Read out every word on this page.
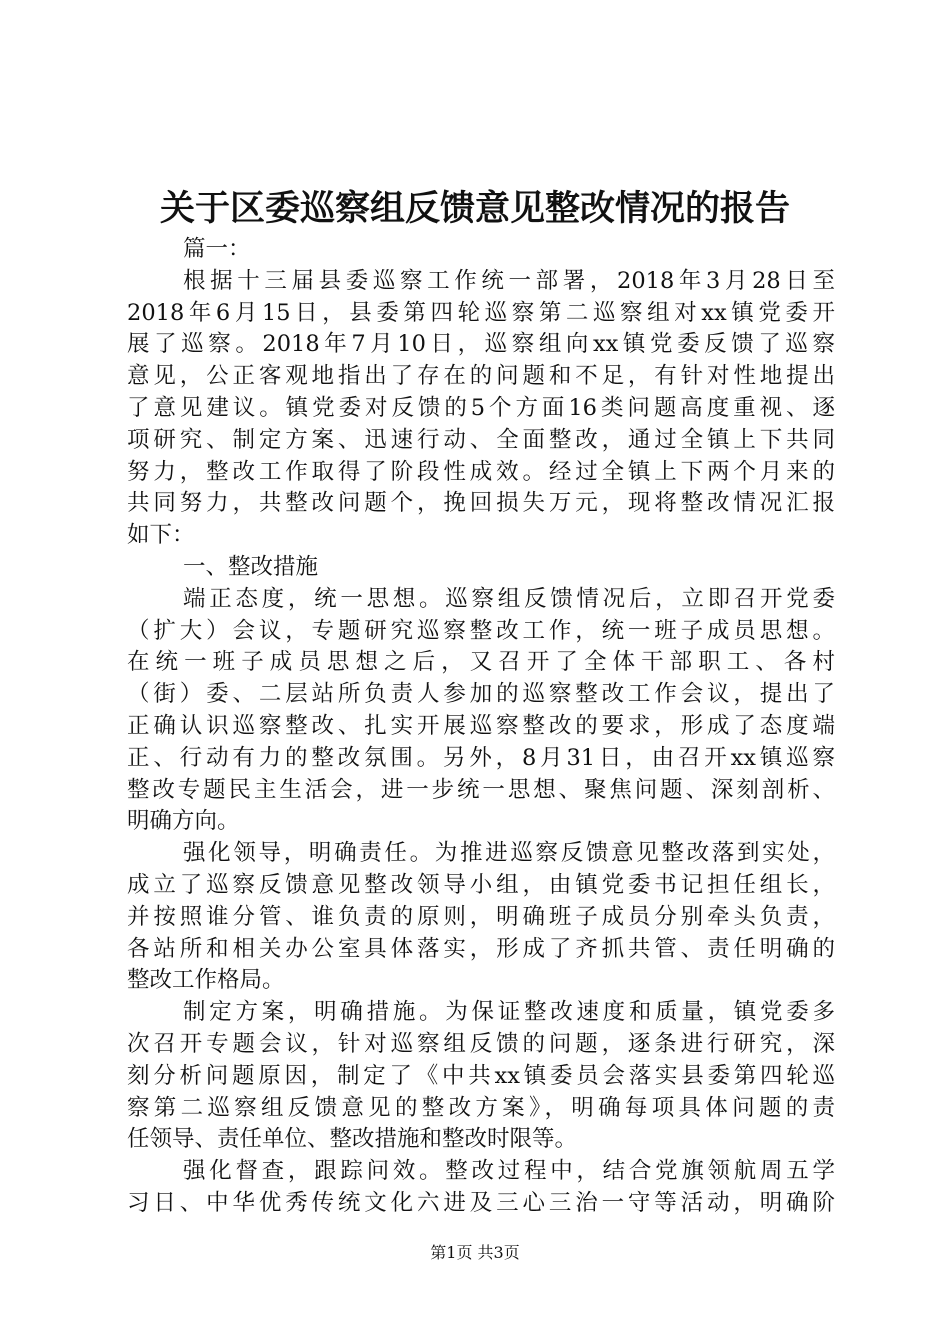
关于区委巡察组反馈意见整改情况的报告
篇一：
根据十三届县委巡察工作统一部署，2018年3月28日至
2018年6月15日，县委第四轮巡察第二巡察组对xx镇党委开
展了巡察。2018年7月10日，巡察组向xx镇党委反馈了巡察
意见，公正客观地指出了存在的问题和不足，有针对性地提出
了意见建议。镇党委对反馈的5个方面16类问题高度重视、逐
项研究、制定方案、迅速行动、全面整改，通过全镇上下共同
努力，整改工作取得了阶段性成效。经过全镇上下两个月来的
共同努力，共整改问题个，挽回损失万元，现将整改情况汇报
如下：
一、整改措施
端正态度，统一思想。巡察组反馈情况后，立即召开党委
（扩大）会议，专题研究巡察整改工作，统一班子成员思想。
在统一班子成员思想之后，又召开了全体干部职工、各村
（街）委、二层站所负责人参加的巡察整改工作会议，提出了
正确认识巡察整改、扎实开展巡察整改的要求，形成了态度端
正、行动有力的整改氛围。另外，8月31日，由召开xx镇巡察
整改专题民主生活会，进一步统一思想、聚焦问题、深刻剖析、
明确方向。
强化领导，明确责任。为推进巡察反馈意见整改落到实处，
成立了巡察反馈意见整改领导小组，由镇党委书记担任组长，
并按照谁分管、谁负责的原则，明确班子成员分别牵头负责，
各站所和相关办公室具体落实，形成了齐抓共管、责任明确的
整改工作格局。
制定方案，明确措施。为保证整改速度和质量，镇党委多
次召开专题会议，针对巡察组反馈的问题，逐条进行研究，深
刻分析问题原因，制定了《中共xx镇委员会落实县委第四轮巡
察第二巡察组反馈意见的整改方案》，明确每项具体问题的责
任领导、责任单位、整改措施和整改时限等。
强化督查，跟踪问效。整改过程中，结合党旗领航周五学
习日、中华优秀传统文化六进及三心三治一守等活动，明确阶
第1页 共3页
